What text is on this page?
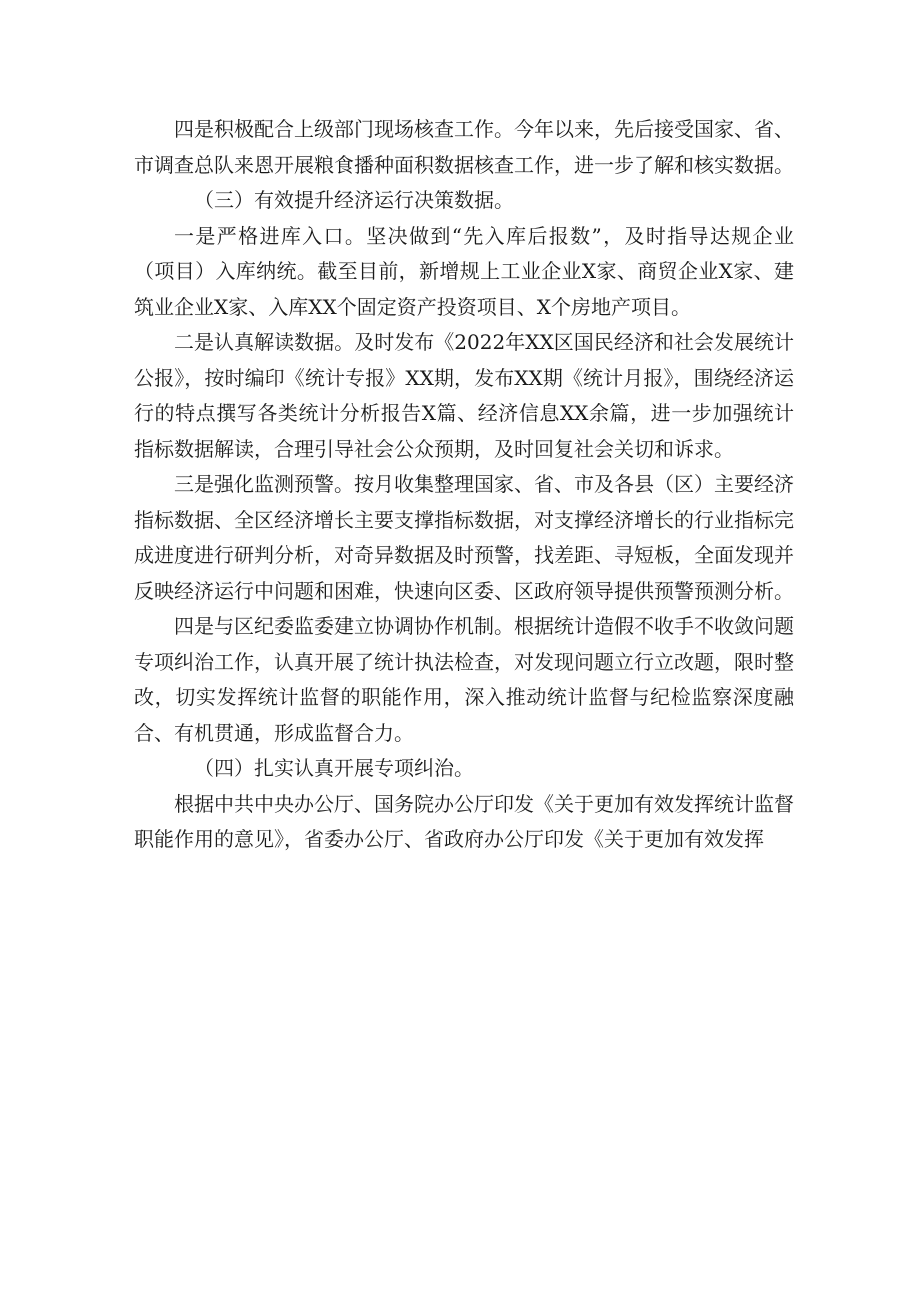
四是积极配合上级部门现场核查工作。今年以来，先后接受国家、省、市调查总队来恩开展粮食播种面积数据核查工作，进一步了解和核实数据。

（三）有效提升经济运行决策数据。

一是严格进库入口。坚决做到“先入库后报数”，及时指导达规企业（项目）入库纳统。截至目前，新增规上工业企业X家、商贸企业X家、建筑业企业X家、入库XX个固定资产投资项目、X个房地产项目。

二是认真解读数据。及时发布《2022年XX区国民经济和社会发展统计公报》，按时编印《统计专报》XX期，发布XX期《统计月报》，围绕经济运行的特点撰写各类统计分析报告X篇、经济信息XX余篇，进一步加强统计指标数据解读，合理引导社会公众预期，及时回复社会关切和诉求。

三是强化监测预警。按月收集整理国家、省、市及各县（区）主要经济指标数据、全区经济增长主要支撑指标数据，对支撑经济增长的行业指标完成进度进行研判分析，对奇异数据及时预警，找差距、寻短板，全面发现并反映经济运行中问题和困难，快速向区委、区政府领导提供预警预测分析。

四是与区纪委监委建立协调协作机制。根据统计造假不收手不收敛问题专项纠治工作，认真开展了统计执法检查，对发现问题立行立改题，限时整改，切实发挥统计监督的职能作用，深入推动统计监督与纪检监察深度融合、有机贯通，形成监督合力。

（四）扎实认真开展专项纠治。

根据中共中央办公厅、国务院办公厅印发《关于更加有效发挥统计监督职能作用的意见》，省委办公厅、省政府办公厅印发《关于更加有效发挥
